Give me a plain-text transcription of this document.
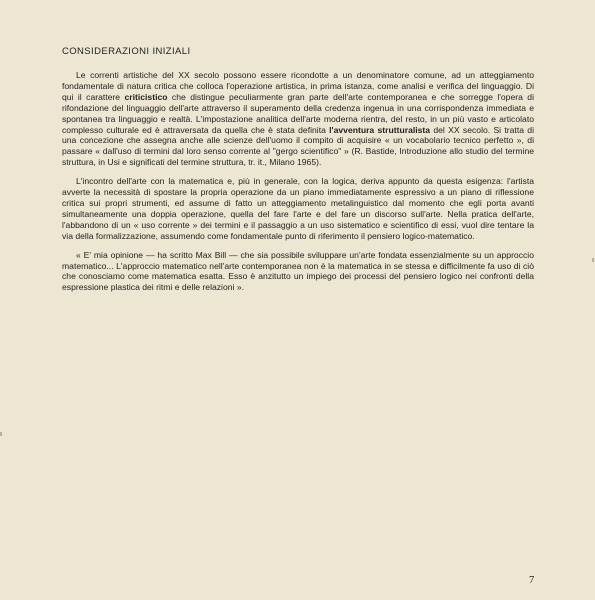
CONSIDERAZIONI INIZIALI

Le correnti artistiche del XX secolo possono essere ricondotte a un denominatore comune, ad un atteggiamento fondamentale di natura critica che colloca l'operazione artistica, in prima istanza, come analisi e verifica del linguaggio. Di qui il carattere criticistico che distingue peculiarmente gran parte dell'arte contemporanea e che sorregge l'opera di rifondazione del linguaggio dell'arte attraverso il superamento della credenza ingenua in una corrispondenza immediata e spontanea tra linguaggio e realtà. L'impostazione analitica dell'arte moderna rientra, del resto, in un più vasto e articolato complesso culturale ed è attraversata da quella che è stata definita l'avventura strutturalista del XX secolo. Si tratta di una concezione che assegna anche alle scienze dell'uomo il compito di acquisire « un vocabolario tecnico perfetto », di passare « dall'uso di termini dal loro senso corrente al "gergo scientifico" » (R. Bastide, Introduzione allo studio del termine struttura, in Usi e significati del termine struttura, tr. it., Milano 1965).

L'incontro dell'arte con la matematica e, più in generale, con la logica, deriva appunto da questa esigenza: l'artista avverte la necessità di spostare la propria operazione da un piano immediatamente espressivo a un piano di riflessione critica sui propri strumenti, ed assume di fatto un atteggiamento metalinguistico dal momento che egli porta avanti simultaneamente una doppia operazione, quella del fare l'arte e del fare un discorso sull'arte. Nella pratica dell'arte, l'abbandono di un « uso corrente » dei termini e il passaggio a un uso sistematico e scientifico di essi, vuol dire tentare la via della formalizzazione, assumendo come fondamentale punto di riferimento il pensiero logico-matematico.

« E' mia opinione — ha scritto Max Bill — che sia possibile sviluppare un'arte fondata essenzialmente su un approccio matematico... L'approccio matematico nell'arte contemporanea non è la matematica in se stessa e difficilmente fa uso di ciò che conosciamo come matematica esatta. Esso è anzitutto un impiego dei processi del pensiero logico nei confronti della espressione plastica dei ritmi e delle relazioni ».

7
